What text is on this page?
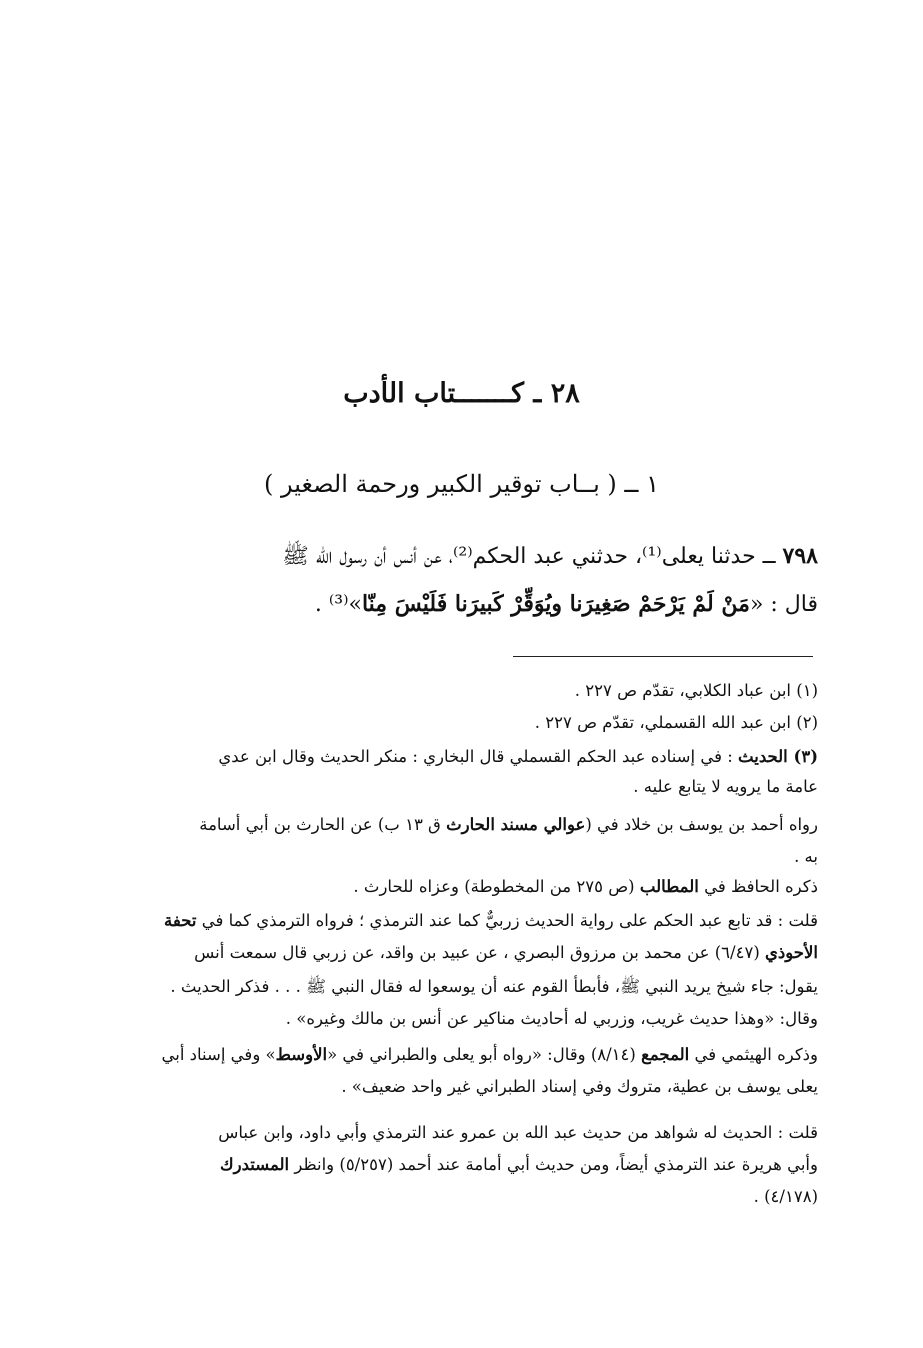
٢٨ ـ كـــــــتاب الأدب
١ ــ ( بــاب توقير الكبير ورحمة الصغير )
٧٩٨ ــ حدثنا يعلى⁽¹⁾، حدثني عبد الحكم⁽²⁾، عن أنس أن رسول الله ﷺ
قال : «مَنْ لَمْ يَرْحَمْ صَغِيرَنا ويُوَقِّرْ كَبيرَنا فَلَيْسَ مِنّا»⁽³⁾ .
(١) ابن عباد الكلابي، تقدّم ص ٢٢٧ .
(٢) ابن عبد الله القسملي، تقدّم ص ٢٢٧ .
(٣) الحديث : في إسناده عبد الحكم القسملي قال البخاري : منكر الحديث وقال ابن عدي
عامة ما يرويه لا يتابع عليه .
رواه أحمد بن يوسف بن خلاد في (عوالي مسند الحارث ق ١٣ ب) عن الحارث بن أبي أسامة
به .
ذكره الحافظ في المطالب (ص ٢٧٥ من المخطوطة) وعزاه للحارث .
قلت : قد تابع عبد الحكم على رواية الحديث زربيٌّ كما عند الترمذي ؛ فرواه الترمذي كما في تحفة
الأحوذي (٦/٤٧) عن محمد بن مرزوق البصري ، عن عبيد بن واقد، عن زربي قال سمعت أنس
يقول: جاء شيخ يريد النبي ﷺ، فأبطأ القوم عنه أن يوسعوا له فقال النبي ﷺ . . . فذكر الحديث .
وقال: «وهذا حديث غريب، وزربي له أحاديث مناكير عن أنس بن مالك وغيره» .
وذكره الهيثمي في المجمع (٨/١٤) وقال: «رواه أبو يعلى والطبراني في «الأوسط» وفي إسناد أبي
يعلى يوسف بن عطية، متروك وفي إسناد الطبراني غير واحد ضعيف» .
قلت : الحديث له شواهد من حديث عبد الله بن عمرو عند الترمذي وأبي داود، وابن عباس
وأبي هريرة عند الترمذي أيضاً، ومن حديث أبي أمامة عند أحمد (٥/٢٥٧) وانظر المستدرك
(٤/١٧٨) .
